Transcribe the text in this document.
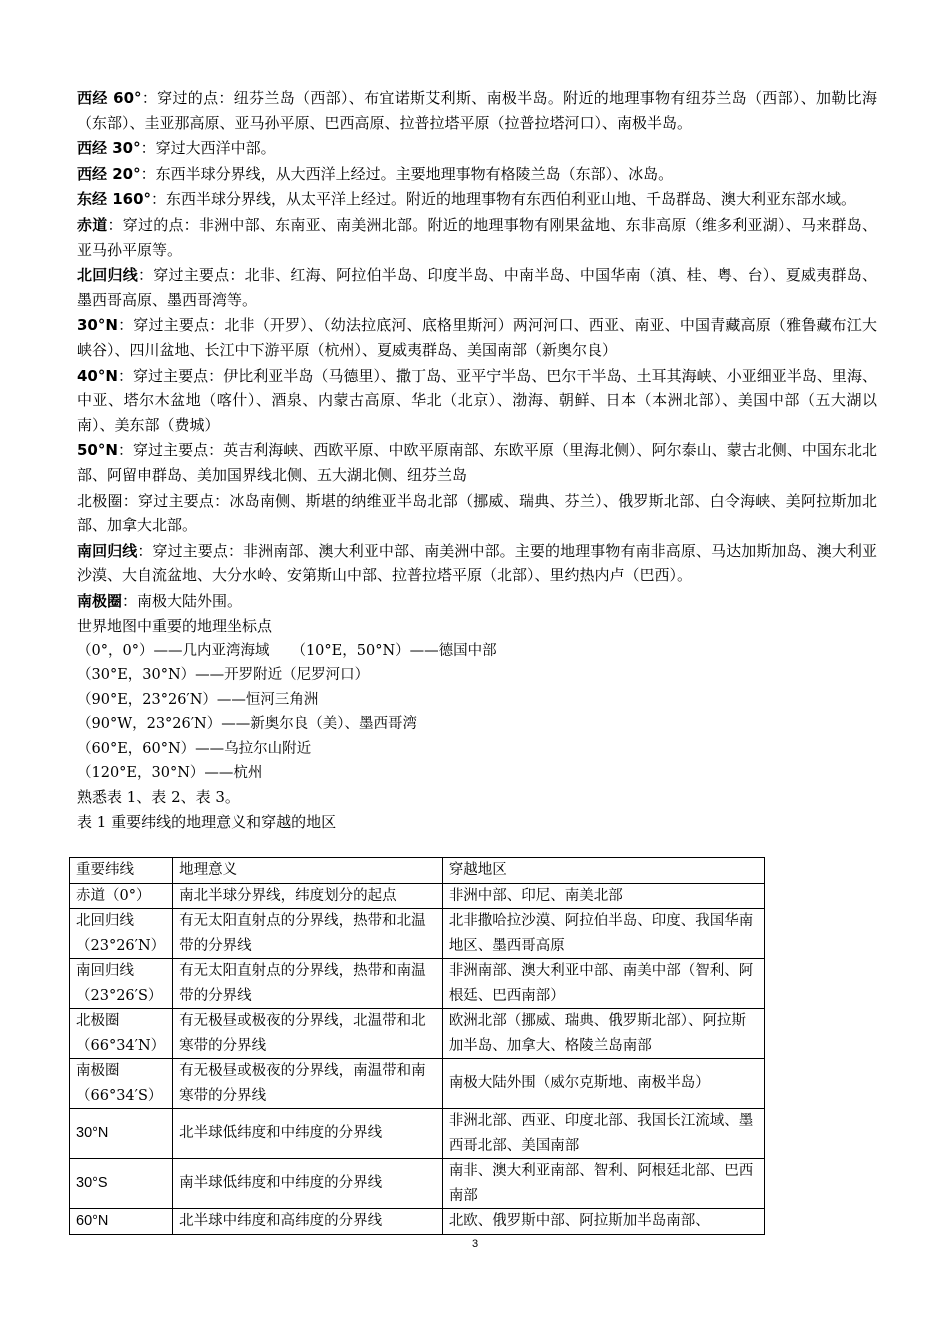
西经 60°：穿过的点：纽芬兰岛（西部）、布宜诺斯艾利斯、南极半岛。附近的地理事物有纽芬兰岛（西部）、加勒比海（东部）、圭亚那高原、亚马孙平原、巴西高原、拉普拉塔平原（拉普拉塔河口）、南极半岛。

西经 30°：穿过大西洋中部。

西经 20°：东西半球分界线，从大西洋上经过。主要地理事物有格陵兰岛（东部）、冰岛。

东经 160°：东西半球分界线，从太平洋上经过。附近的地理事物有东西伯利亚山地、千岛群岛、澳大利亚东部水域。

赤道：穿过的点：非洲中部、东南亚、南美洲北部。附近的地理事物有刚果盆地、东非高原（维多利亚湖）、马来群岛、亚马孙平原等。

北回归线：穿过主要点：北非、红海、阿拉伯半岛、印度半岛、中南半岛、中国华南（滇、桂、粤、台）、夏威夷群岛、墨西哥高原、墨西哥湾等。

30°N：穿过主要点：北非（开罗）、（幼法拉底河、底格里斯河）两河河口、西亚、南亚、中国青藏高原（雅鲁藏布江大峡谷）、四川盆地、长江中下游平原（杭州）、夏威夷群岛、美国南部（新奥尔良）

40°N：穿过主要点：伊比利亚半岛（马德里）、撒丁岛、亚平宁半岛、巴尔干半岛、土耳其海峡、小亚细亚半岛、里海、中亚、塔尔木盆地（喀什）、酒泉、内蒙古高原、华北（北京）、渤海、朝鲜、日本（本洲北部）、美国中部（五大湖以南）、美东部（费城）

50°N：穿过主要点：英吉利海峡、西欧平原、中欧平原南部、东欧平原（里海北侧）、阿尔泰山、蒙古北侧、中国东北北部、阿留申群岛、美加国界线北侧、五大湖北侧、纽芬兰岛

北极圈：穿过主要点：冰岛南侧、斯堪的纳维亚半岛北部（挪威、瑞典、芬兰）、俄罗斯北部、白令海峡、美阿拉斯加北部、加拿大北部。

南回归线：穿过主要点：非洲南部、澳大利亚中部、南美洲中部。主要的地理事物有南非高原、马达加斯加岛、澳大利亚沙漠、大自流盆地、大分水岭、安第斯山中部、拉普拉塔平原（北部）、里约热内卢（巴西）。

南极圈：南极大陆外围。

世界地图中重要的地理坐标点

（0°，0°）——几内亚湾海域 （10°E，50°N）——德国中部

（30°E，30°N）——开罗附近（尼罗河口）

（90°E，23°26′N）——恒河三角洲

（90°W，23°26′N）——新奥尔良（美）、墨西哥湾

（60°E，60°N）——乌拉尔山附近

（120°E，30°N）——杭州

熟悉表 1、表 2、表 3。

表 1 重要纬线的地理意义和穿越的地区

重要纬线	地理意义	穿越地区
赤道（0°）	南北半球分界线，纬度划分的起点	非洲中部、印尼、南美北部
北回归线（23°26′N）	有无太阳直射点的分界线，热带和北温带的分界线	北非撒哈拉沙漠、阿拉伯半岛、印度、我国华南地区、墨西哥高原
南回归线（23°26′S）	有无太阳直射点的分界线，热带和南温带的分界线	非洲南部、澳大利亚中部、南美中部（智利、阿根廷、巴西南部）
北极圈（66°34′N）	有无极昼或极夜的分界线，北温带和北寒带的分界线	欧洲北部（挪威、瑞典、俄罗斯北部）、阿拉斯加半岛、加拿大、格陵兰岛南部
南极圈（66°34′S）	有无极昼或极夜的分界线，南温带和南寒带的分界线	南极大陆外围（威尔克斯地、南极半岛）
30°N	北半球低纬度和中纬度的分界线	非洲北部、西亚、印度北部、我国长江流域、墨西哥北部、美国南部
30°S	南半球低纬度和中纬度的分界线	南非、澳大利亚南部、智利、阿根廷北部、巴西南部
60°N	北半球中纬度和高纬度的分界线	北欧、俄罗斯中部、阿拉斯加半岛南部、
3
